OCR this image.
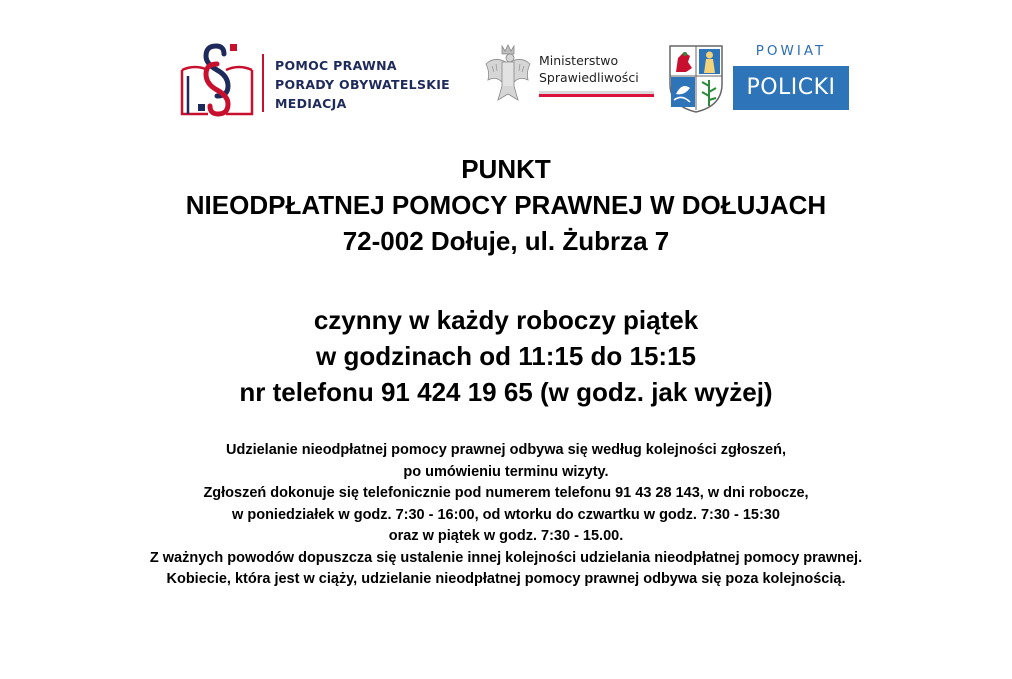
POMOC PRAWNA
PORADY OBYWATELSKIE
MEDIACJA
Ministerstwo
Sprawiedliwości
POWIAT
POLICKI
PUNKT
NIEODPŁATNEJ POMOCY PRAWNEJ W DOŁUJACH
72-002 Dołuje, ul. Żubrza 7
czynny w każdy roboczy piątek
w godzinach od 11:15 do 15:15
nr telefonu 91 424 19 65 (w godz. jak wyżej)
Udzielanie nieodpłatnej pomocy prawnej odbywa się według kolejności zgłoszeń,
po umówieniu terminu wizyty.
Zgłoszeń dokonuje się telefonicznie pod numerem telefonu 91 43 28 143, w dni robocze,
w poniedziałek w godz. 7:30 - 16:00, od wtorku do czwartku w godz. 7:30 - 15:30
oraz w piątek w godz. 7:30 - 15.00.
Z ważnych powodów dopuszcza się ustalenie innej kolejności udzielania nieodpłatnej pomocy prawnej.
Kobiecie, która jest w ciąży, udzielanie nieodpłatnej pomocy prawnej odbywa się poza kolejnością.
